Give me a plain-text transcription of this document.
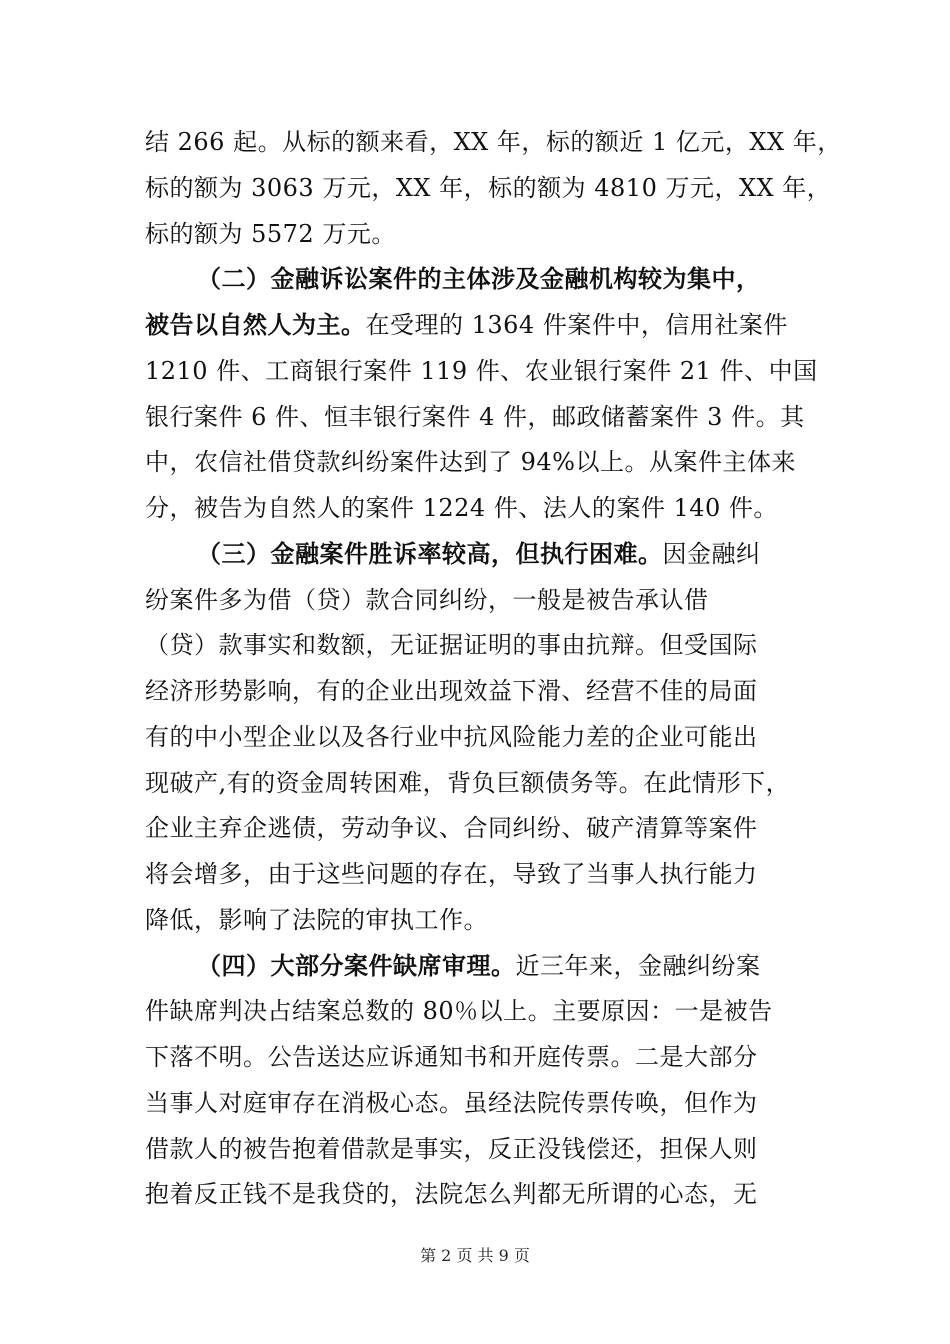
结 266 起。从标的额来看，XX 年，标的额近 1 亿元，XX 年，
标的额为 3063 万元，XX 年，标的额为 4810 万元，XX 年，
标的额为 5572 万元。
（二）金融诉讼案件的主体涉及金融机构较为集中，
被告以自然人为主。在受理的 1364 件案件中，信用社案件
1210 件、工商银行案件 119 件、农业银行案件 21 件、中国
银行案件 6 件、恒丰银行案件 4 件，邮政储蓄案件 3 件。其
中，农信社借贷款纠纷案件达到了 94%以上。从案件主体来
分，被告为自然人的案件 1224 件、法人的案件 140 件。
（三）金融案件胜诉率较高，但执行困难。因金融纠
纷案件多为借（贷）款合同纠纷，一般是被告承认借
（贷）款事实和数额，无证据证明的事由抗辩。但受国际
经济形势影响，有的企业出现效益下滑、经营不佳的局面
有的中小型企业以及各行业中抗风险能力差的企业可能出
现破产,有的资金周转困难，背负巨额债务等。在此情形下，
企业主弃企逃债，劳动争议、合同纠纷、破产清算等案件
将会增多，由于这些问题的存在，导致了当事人执行能力
降低，影响了法院的审执工作。
（四）大部分案件缺席审理。近三年来，金融纠纷案
件缺席判决占结案总数的 80％以上。主要原因：一是被告
下落不明。公告送达应诉通知书和开庭传票。二是大部分
当事人对庭审存在消极心态。虽经法院传票传唤，但作为
借款人的被告抱着借款是事实，反正没钱偿还，担保人则
抱着反正钱不是我贷的，法院怎么判都无所谓的心态，无
第 2 页 共 9 页
